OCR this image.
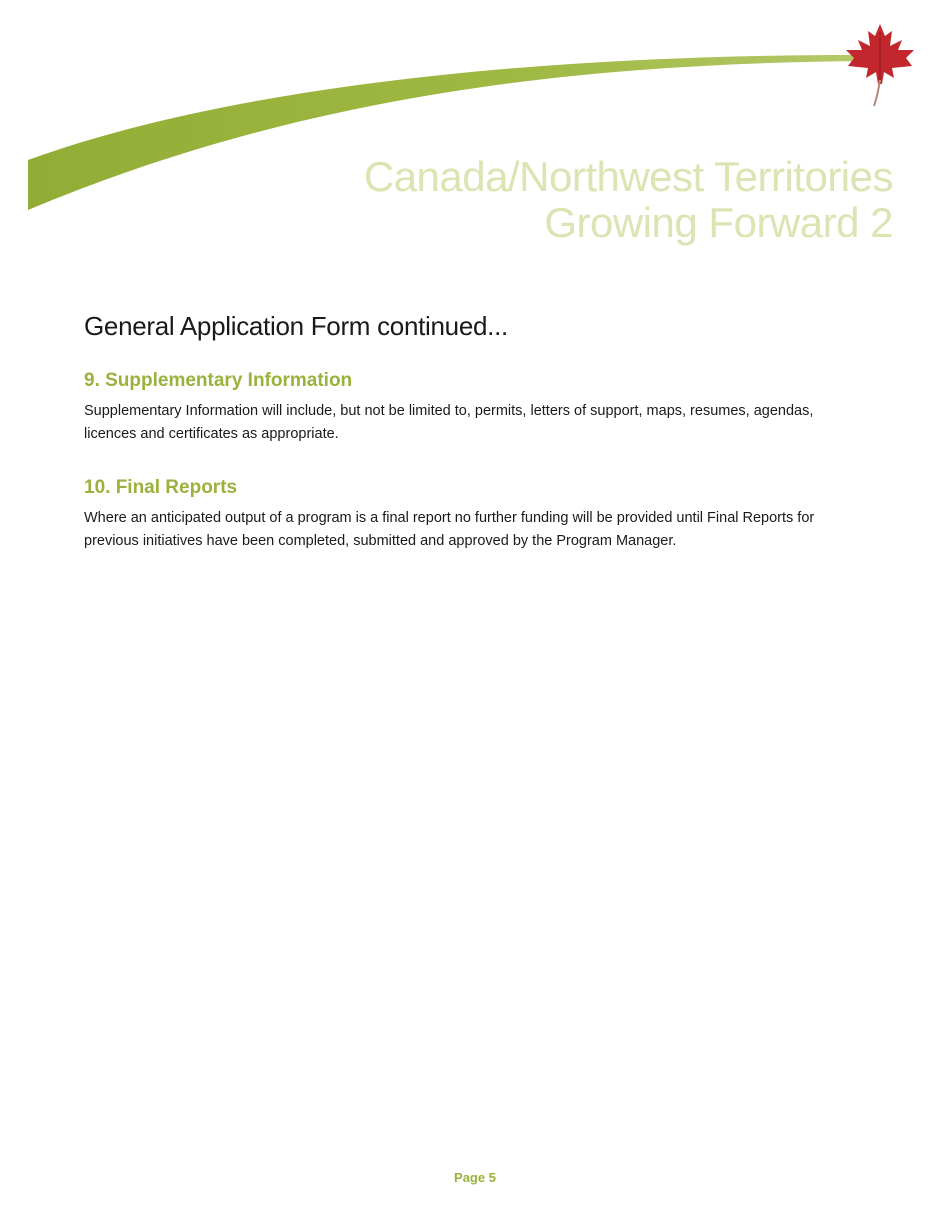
Canada/Northwest Territories
Growing Forward 2
General Application Form continued...
9. Supplementary Information

Supplementary Information will include, but not be limited to, permits, letters of support, maps, resumes, agendas, licences and certificates as appropriate.

10. Final Reports

Where an anticipated output of a program is a final report no further funding will be provided until Final Reports for previous initiatives have been completed, submitted and approved by the Program Manager.

Page 5
